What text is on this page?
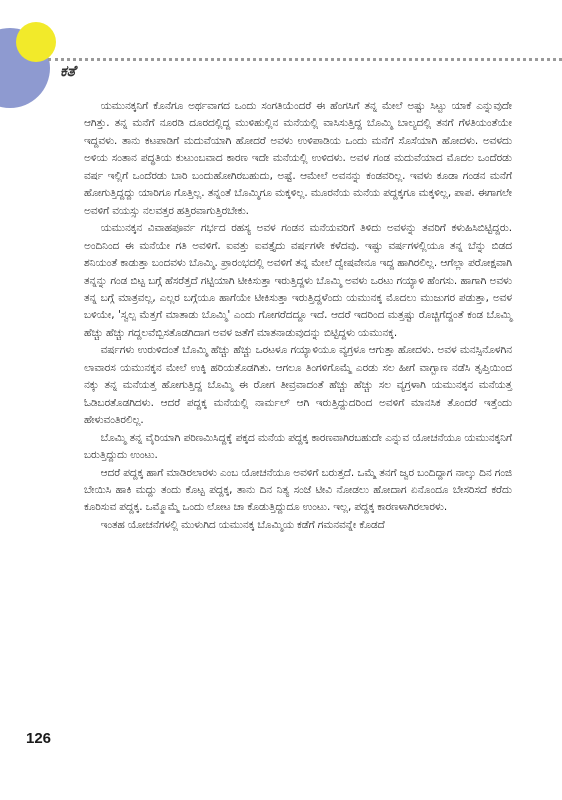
ಕತೆ

ಯಮುನಕ್ಕನಿಗೆ ಕೊನೆಗೂ ಅರ್ಥವಾಗದ ಒಂದು ಸಂಗತಿಯೆಂದರೆ ಈ ಹೆಂಗಸಿಗೆ ತನ್ನ ಮೇಲೆ ಅಷ್ಟು ಸಿಟ್ಟು ಯಾಕೆ ಎನ್ನುವುದೇ ಆಗಿತ್ತು. ತನ್ನ ಮನೆಗೆ ನೂರಡಿ ದೂರದಲ್ಲಿದ್ದ ಮುಳಿಹುಲ್ಲಿನ ಮನೆಯಲ್ಲಿ ವಾಸಿಸುತ್ತಿದ್ದ ಬೊಮ್ಮಿ ಬಾಲ್ಯದಲ್ಲಿ ತನಗೆ ಗೆಳತಿಯಂತೆಯೇ ಇದ್ದವಳು. ತಾನು ಕಟಪಾಡಿಗೆ ಮದುವೆಯಾಗಿ ಹೋದರೆ ಅವಳು ಉಳಿಪಾಡಿಯ ಒಂದು ಮನೆಗೆ ಸೊಸೆಯಾಗಿ ಹೋದಳು. ಅವಳದು ಅಳಿಯ ಸಂತಾನ ಪದ್ಧತಿಯ ಕುಟುಂಬವಾದ ಕಾರಣ ಇದೇ ಮನೆಯಲ್ಲಿ ಉಳಿದಳು. ಅವಳ ಗಂಡ ಮದುವೆಯಾದ ಮೊದಲ ಒಂದೆರಡು ವರ್ಷ ಇಲ್ಲಿಗೆ ಒಂದೆರಡು ಬಾರಿ ಬಂದುಹೋಗಿರಬಹುದು, ಅಷ್ಟೆ. ಆಮೇಲೆ ಅವನನ್ನು ಕಂಡವರಿಲ್ಲ. ಇವಳು ಕೂಡಾ ಗಂಡನ ಮನೆಗೆ ಹೋಗುತ್ತಿದ್ದದ್ದು ಯಾರಿಗೂ ಗೊತ್ತಿಲ್ಲ. ತನ್ನಂತೆ ಬೊಮ್ಮಿಗೂ ಮಕ್ಕಳಿಲ್ಲ. ಮೂರನೆಯ ಮನೆಯ ಪದ್ದಕ್ಕಗೂ ಮಕ್ಕಳಿಲ್ಲ, ಪಾಪ. ಈಗಾಗಲೇ ಅವಳಿಗೆ ವಯಸ್ಸು ನಲವತ್ತರ ಹತ್ತಿರವಾಗುತ್ತಿರಬೇಕು.

ಯಮುನಕ್ಕನ ವಿವಾಹಪೂರ್ವ ಗರ್ಭದ ರಹಸ್ಯ ಅವಳ ಗಂಡನ ಮನೆಯವರಿಗೆ ತಿಳಿದು ಅವಳನ್ನು ತವರಿಗೆ ಕಳುಹಿಸಿಬಿಟ್ಟಿದ್ದರು. ಅಂದಿನಿಂದ ಈ ಮನೆಯೇ ಗತಿ ಅವಳಿಗೆ. ಐವತ್ತು ಐವತ್ತೈದು ವರ್ಷಗಳೇ ಕಳೆದವು. ಇಷ್ಟು ವರ್ಷಗಳಲ್ಲಿಯೂ ತನ್ನ ಬೆನ್ನು ಬಿಡದ ಶನಿಯಂತೆ ಕಾಡುತ್ತಾ ಬಂದವಳು ಬೊಮ್ಮಿ. ಪ್ರಾರಂಭದಲ್ಲಿ ಅವಳಿಗೆ ತನ್ನ ಮೇಲೆ ದ್ವೇಷವೇನೂ ಇದ್ದ ಹಾಗಿರಲಿಲ್ಲ. ಆಗೆಲ್ಲಾ ಪರೋಕ್ಷವಾಗಿ ತನ್ನನ್ನು ಗಂಡ ಬಿಟ್ಟ ಬಗ್ಗೆ ಹೆಸರೆತ್ತದೆ ಗಟ್ಟಿಯಾಗಿ ಟೀಕಿಸುತ್ತಾ ಇರುತ್ತಿದ್ದಳು ಬೊಮ್ಮಿ ಅವಳು ಒರಟು ಗಯ್ಯಾಳಿ ಹೆಂಗಸು. ಹಾಗಾಗಿ ಅವಳು ತನ್ನ ಬಗ್ಗೆ ಮಾತ್ರವಲ್ಲ, ಎಲ್ಲರ ಬಗ್ಗೆಯೂ ಹಾಗೆಯೇ ಟೀಕಿಸುತ್ತಾ ಇರುತ್ತಿದ್ದಳೆಂದು ಯಮುನಕ್ಕ ಮೊದಲು ಮುಜುಗರ ಪಡುತ್ತಾ, ಅವಳ ಬಳಿಯೇ, 'ಸ್ವಲ್ಪ ಮೆತ್ತಗೆ ಮಾತಾಡು ಬೊಮ್ಮಿ' ಎಂದು ಗೋಗರೆದದ್ದೂ ಇದೆ. ಆದರೆ ಇದರಿಂದ ಮತ್ತಷ್ಟು ರೊಚ್ಚಿಗೆದ್ದಂತೆ ಕಂಡ ಬೊಮ್ಮಿ ಹೆಚ್ಚು ಹೆಚ್ಚು ಗದ್ದಲವೆಬ್ಬಿಸತೊಡಗಿದಾಗ ಅವಳ ಜತೆಗೆ ಮಾತನಾಡುವುದನ್ನು ಬಿಟ್ಟಿದ್ದಳು ಯಮುನಕ್ಕ.

ವರ್ಷಗಳು ಉರುಳಿದಂತೆ ಬೊಮ್ಮಿ ಹೆಚ್ಚು ಹೆಚ್ಚು ಒರಟಳೂ ಗಯ್ಯಾಳಿಯೂ ವ್ಯಗ್ರಳೂ ಆಗುತ್ತಾ ಹೋದಳು. ಅವಳ ಮನಸ್ಸಿನೊಳಗಿನ ಲಾವಾರಸ ಯಮುನಕ್ಕನ ಮೇಲೆ ಉಕ್ಕಿ ಹರಿಯತೊಡಗಿತು. ಆಗಲೂ ತಿಂಗಳಿಗೊಮ್ಮೆ ಎರಡು ಸಲ ಹೀಗೆ ವಾಗ್ಬಾಣ ನಡೆಸಿ ತೃಪ್ತಿಯಿಂದ ನಕ್ಕು ತನ್ನ ಮನೆಯತ್ತ ಹೋಗುತ್ತಿದ್ದ ಬೊಮ್ಮಿ ಈ ರೋಗ ತೀವ್ರವಾದಂತೆ ಹೆಚ್ಚು ಹೆಚ್ಚು ಸಲ ವ್ಯಗ್ರಳಾಗಿ ಯಮುನಕ್ಕನ ಮನೆಯತ್ತ ಓಡಿಬರತೊಡಗಿದಳು. ಆದರೆ ಪದ್ದಕ್ಕ ಮನೆಯಲ್ಲಿ ನಾರ್ಮಲ್ ಆಗಿ ಇರುತ್ತಿದ್ದುದರಿಂದ ಅವಳಿಗೆ ಮಾನಸಿಕ ತೊಂದರೆ ಇತ್ತೆಂದು ಹೇಳುವಂತಿರಲಿಲ್ಲ.

ಬೊಮ್ಮಿ ತನ್ನ ವೈರಿಯಾಗಿ ಪರಿಣಮಿಸಿದ್ದಕ್ಕೆ ಪಕ್ಕದ ಮನೆಯ ಪದ್ದಕ್ಕ ಕಾರಣವಾಗಿರಬಹುದೇ ಎನ್ನುವ ಯೋಚನೆಯೂ ಯಮುನಕ್ಕನಿಗೆ ಬರುತ್ತಿದ್ದುದು ಉಂಟು.

ಆದರೆ ಪದ್ದಕ್ಕ ಹಾಗೆ ಮಾಡಿರಲಾರಳು ಎಂಬ ಯೋಚನೆಯೂ ಅವಳಿಗೆ ಬರುತ್ತದೆ. ಒಮ್ಮೆ ತನಗೆ ಜ್ವರ ಬಂದಿದ್ದಾಗ ನಾಲ್ಕು ದಿನ ಗಂಜಿ ಬೇಯಿಸಿ ಹಾಕಿ ಮದ್ದು ತಂದು ಕೊಟ್ಟ ಪದ್ದಕ್ಕ, ತಾನು ದಿನ ನಿತ್ಯ ಸಂಜೆ ಟೀವಿ ನೋಡಲು ಹೋದಾಗ ಏನೊಂದೂ ಬೇಸರಿಸದೆ ಕರೆದು ಕೂರಿಸುವ ಪದ್ದಕ್ಕ. ಒಮ್ಮೊಮ್ಮೆ ಒಂದು ಲೋಟ ಚಾ ಕೊಡುತ್ತಿದ್ದುದೂ ಉಂಟು. ಇಲ್ಲ, ಪದ್ದಕ್ಕ ಕಾರಣಳಾಗಿರಲಾರಳು.

ಇಂತಹ ಯೋಚನೆಗಳಲ್ಲಿ ಮುಳುಗಿದ ಯಮುನಕ್ಕ ಬೊಮ್ಮಿಯ ಕಡೆಗೆ ಗಮನವನ್ನೇ ಕೊಡದೆ

126
